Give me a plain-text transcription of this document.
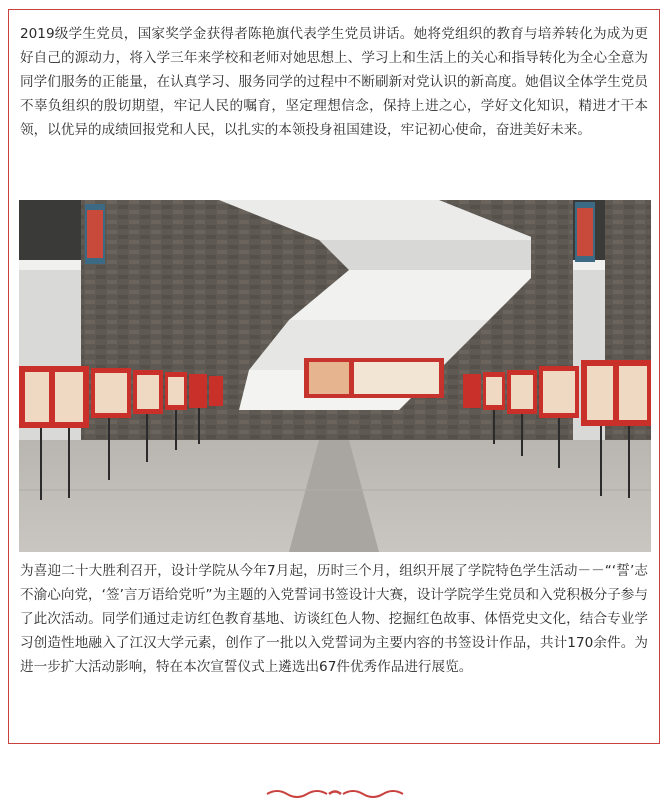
2019级学生党员，国家奖学金获得者陈艳旗代表学生党员讲话。她将党组织的教育与培养转化为成为更好自己的源动力，将入学三年来学校和老师对她思想上、学习上和生活上的关心和指导转化为全心全意为同学们服务的正能量，在认真学习、服务同学的过程中不断刷新对党认识的新高度。她倡议全体学生党员不辜负组织的殷切期望，牢记人民的嘱育，坚定理想信念，保持上进之心，学好文化知识，精进才干本领，以优异的成绩回报党和人民，以扎实的本领投身祖国建设，牢记初心使命，奋进美好未来。

为喜迎二十大胜利召开，设计学院从今年7月起，历时三个月，组织开展了学院特色学生活动－－“‘誓’志不渝心向党，‘签’言万语给党听”为主题的入党誓词书签设计大赛，设计学院学生党员和入党积极分子参与了此次活动。同学们通过走访红色教育基地、访谈红色人物、挖掘红色故事、体悟党史文化，结合专业学习创造性地融入了江汉大学元素，创作了一批以入党誓词为主要内容的书签设计作品，共计170余件。为进一步扩大活动影响，特在本次宣誓仪式上遴选出67件优秀作品进行展览。
